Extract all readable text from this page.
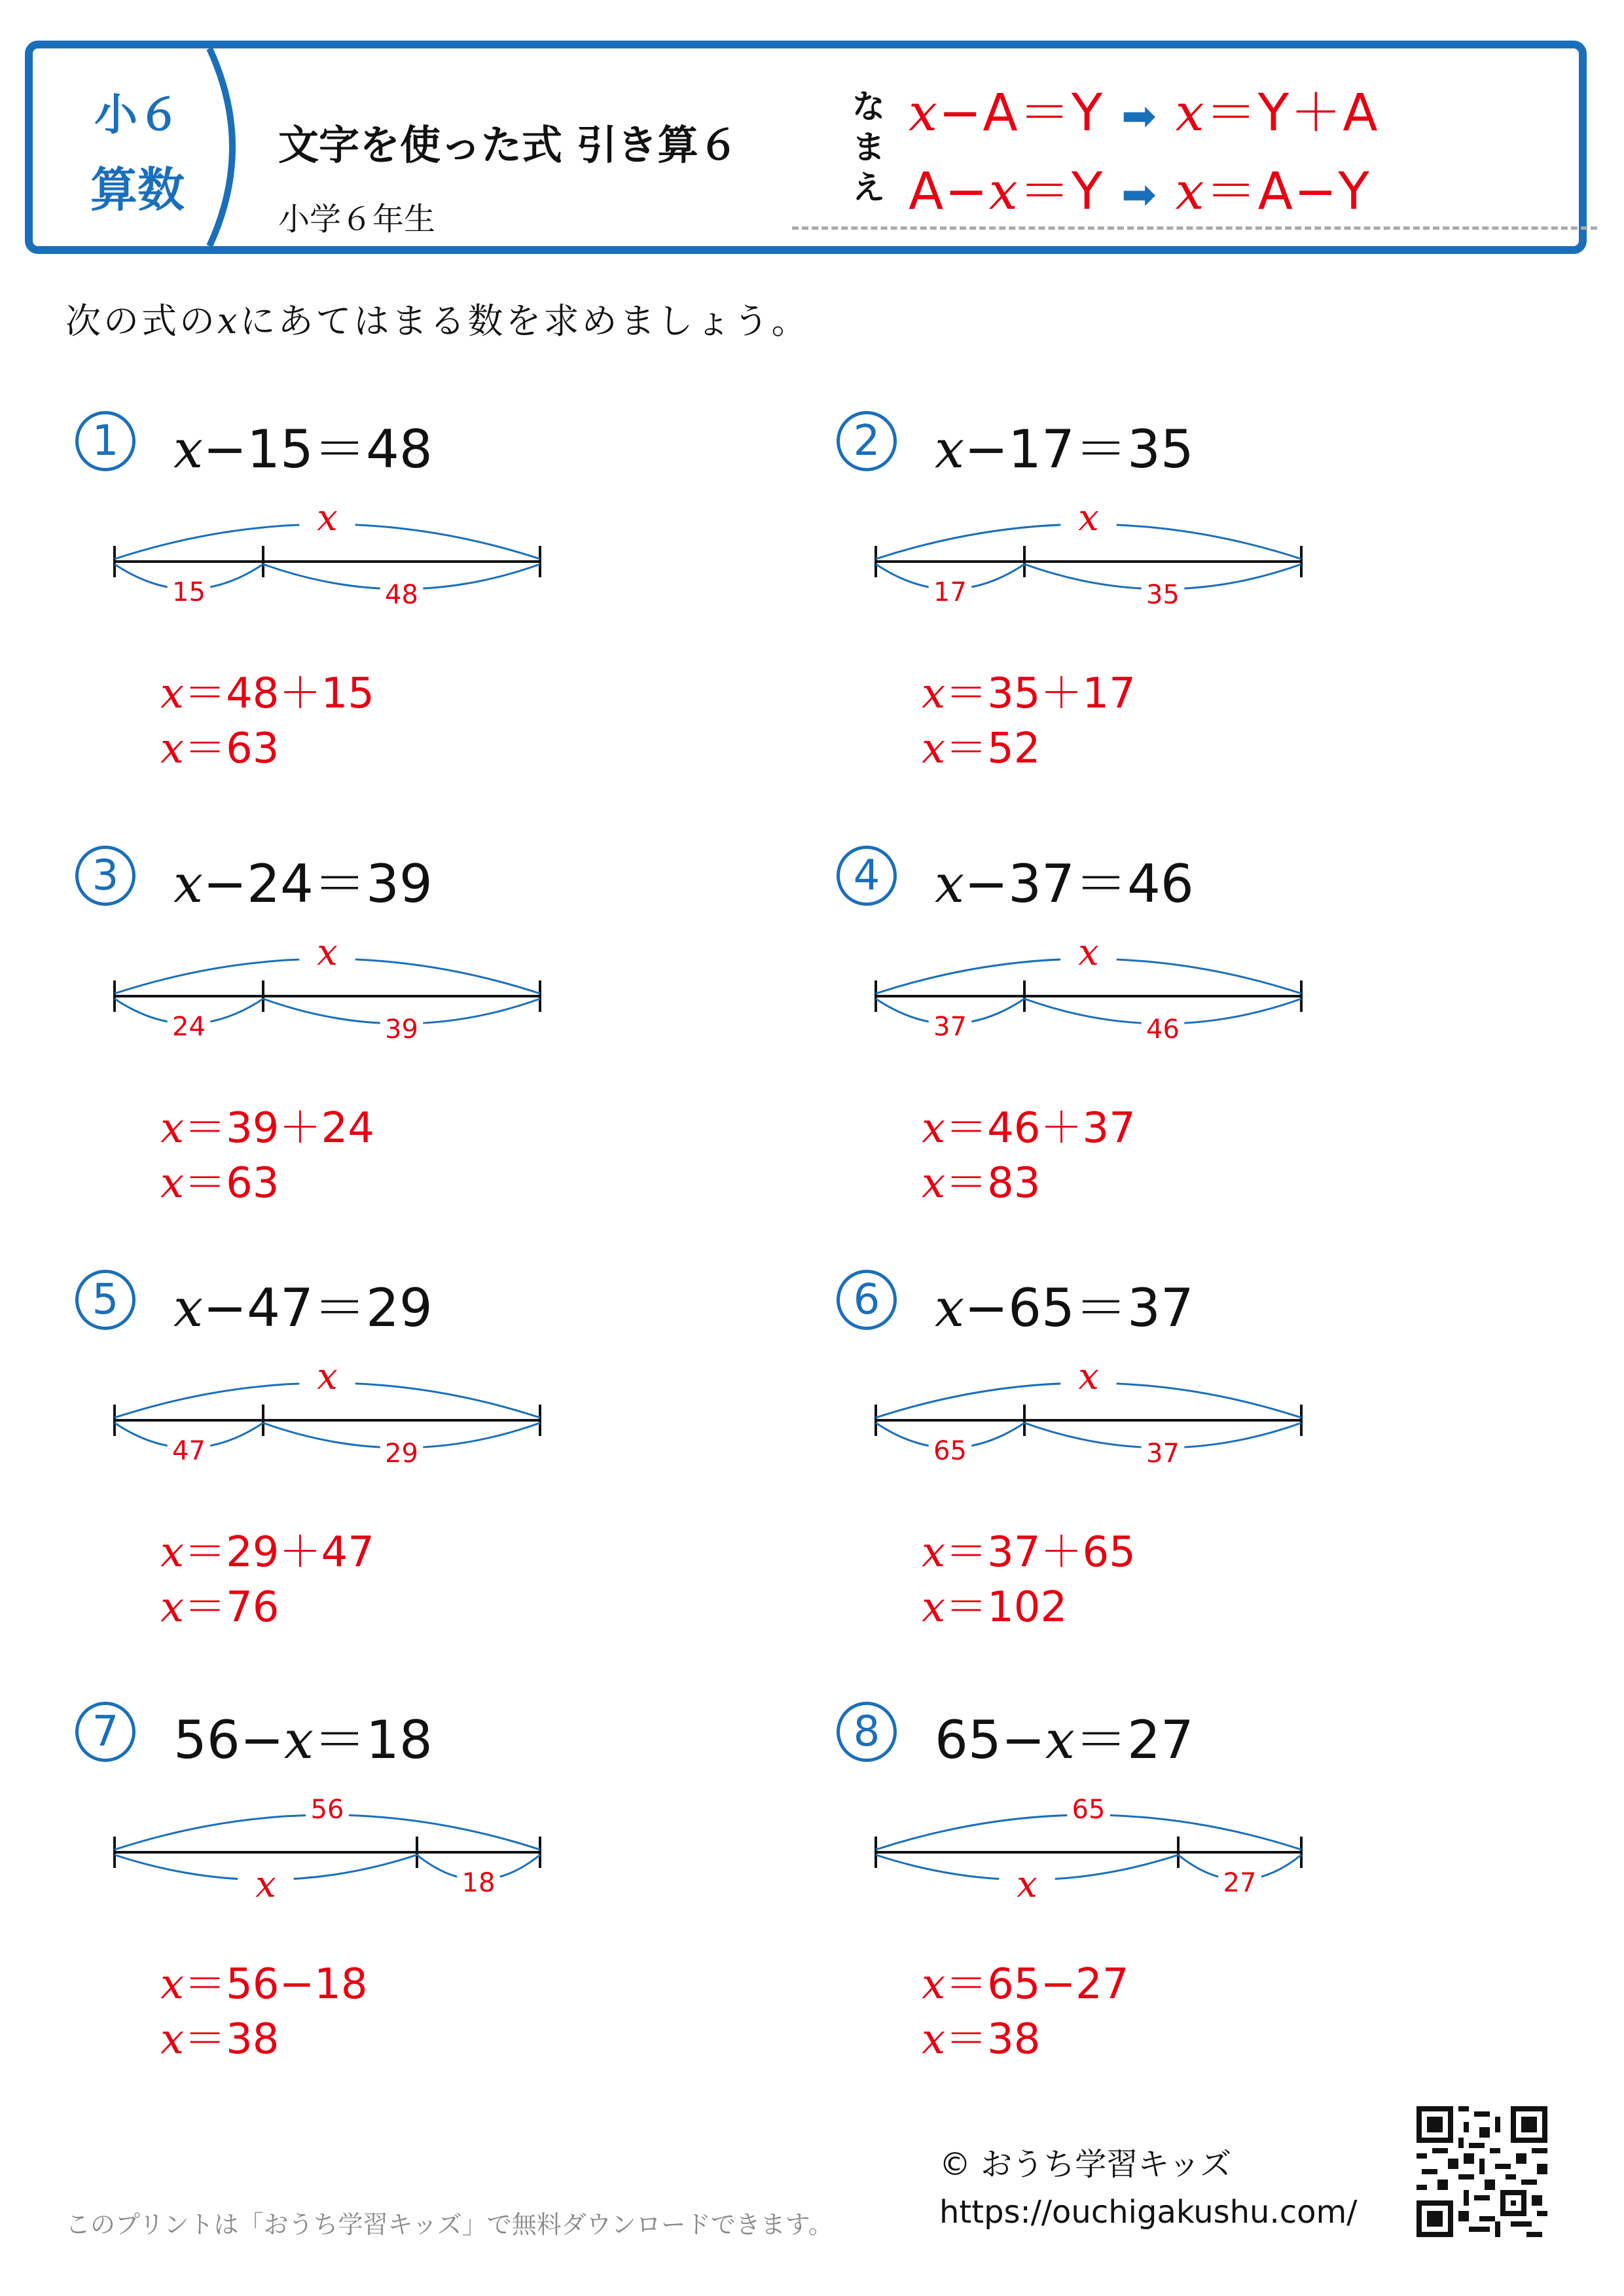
小６
算数
文字を使った式 引き算６
小学６年生
な
ま
え
𝑥−A＝Y ➡ 𝑥＝Y＋A
A−𝑥＝Y ➡ 𝑥＝A−Y
次の式の𝑥にあてはまる数を求めましょう。
1	𝑥−15＝48
𝑥
15	48
𝑥＝48＋15
𝑥＝63
2	𝑥−17＝35
𝑥
17	35
𝑥＝35＋17
𝑥＝52
3	𝑥−24＝39
𝑥
24	39
𝑥＝39＋24
𝑥＝63
4	𝑥−37＝46
𝑥
37	46
𝑥＝46＋37
𝑥＝83
5	𝑥−47＝29
𝑥
47	29
𝑥＝29＋47
𝑥＝76
6	𝑥−65＝37
𝑥
65	37
𝑥＝37＋65
𝑥＝102
7	56−𝑥＝18
56
𝑥	18
𝑥＝56−18
𝑥＝38
8	65−𝑥＝27
65
𝑥	27
𝑥＝65−27
𝑥＝38
このプリントは「おうち学習キッズ」で無料ダウンロードできます。
© おうち学習キッズ
https://ouchigakushu.com/
